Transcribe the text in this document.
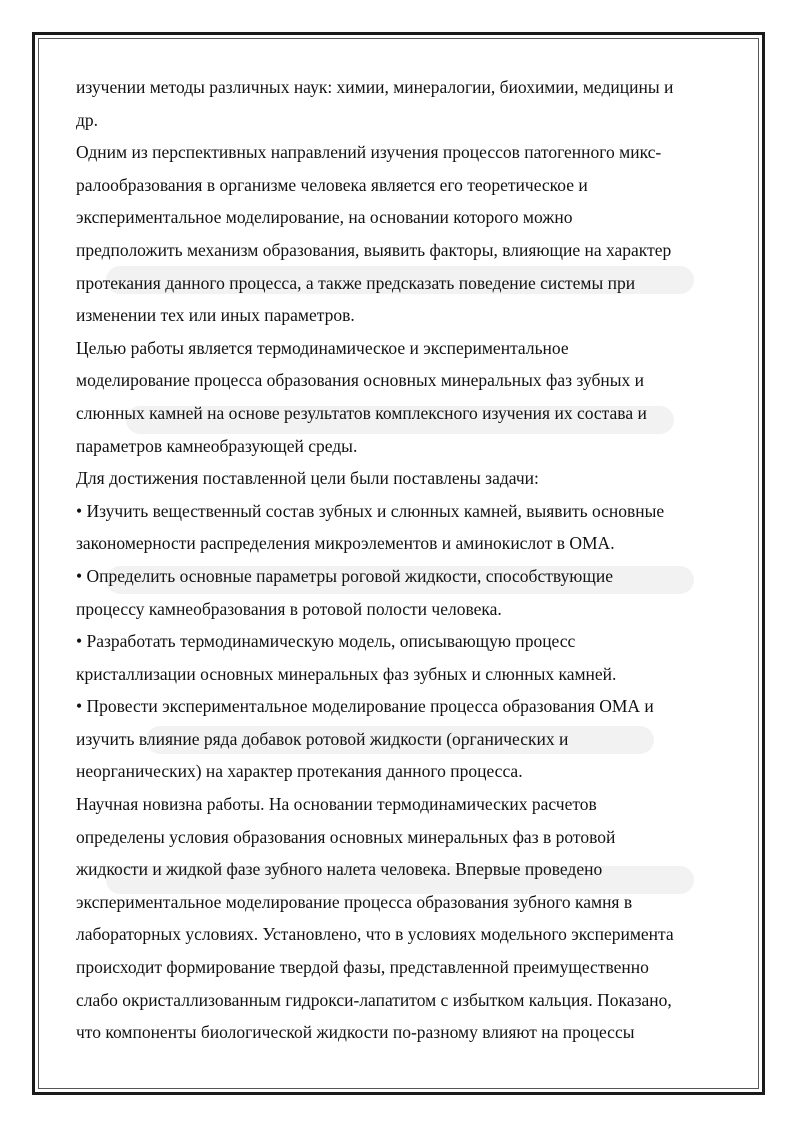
изучении методы различных наук: химии, минералогии, биохимии, медицины и
др.
Одним из перспективных направлений изучения процессов патогенного микс-
ралообразования в организме человека является его теоретическое и
экспериментальное моделирование, на основании которого можно
предположить механизм образования, выявить факторы, влияющие на характер
протекания данного процесса, а также предсказать поведение системы при
изменении тех или иных параметров.
Целью работы является термодинамическое и экспериментальное
моделирование процесса образования основных минеральных фаз зубных и
слюнных камней на основе результатов комплексного изучения их состава и
параметров камнеобразующей среды.
Для достижения поставленной цели были поставлены задачи:
• Изучить вещественный состав зубных и слюнных камней, выявить основные
закономерности распределения микроэлементов и аминокислот в ОМА.
• Определить основные параметры роговой жидкости, способствующие
процессу камнеобразования в ротовой полости человека.
• Разработать термодинамическую модель, описывающую процесс
кристаллизации основных минеральных фаз зубных и слюнных камней.
• Провести экспериментальное моделирование процесса образования ОМА и
изучить влияние ряда добавок ротовой жидкости (органических и
неорганических) на характер протекания данного процесса.
Научная новизна работы. На основании термодинамических расчетов
определены условия образования основных минеральных фаз в ротовой
жидкости и жидкой фазе зубного налета человека. Впервые проведено
экспериментальное моделирование процесса образования зубного камня в
лабораторных условиях. Установлено, что в условиях модельного эксперимента
происходит формирование твердой фазы, представленной преимущественно
слабо окристаллизованным гидрокси-лапатитом с избытком кальция. Показано,
что компоненты биологической жидкости по-разному влияют на процессы
